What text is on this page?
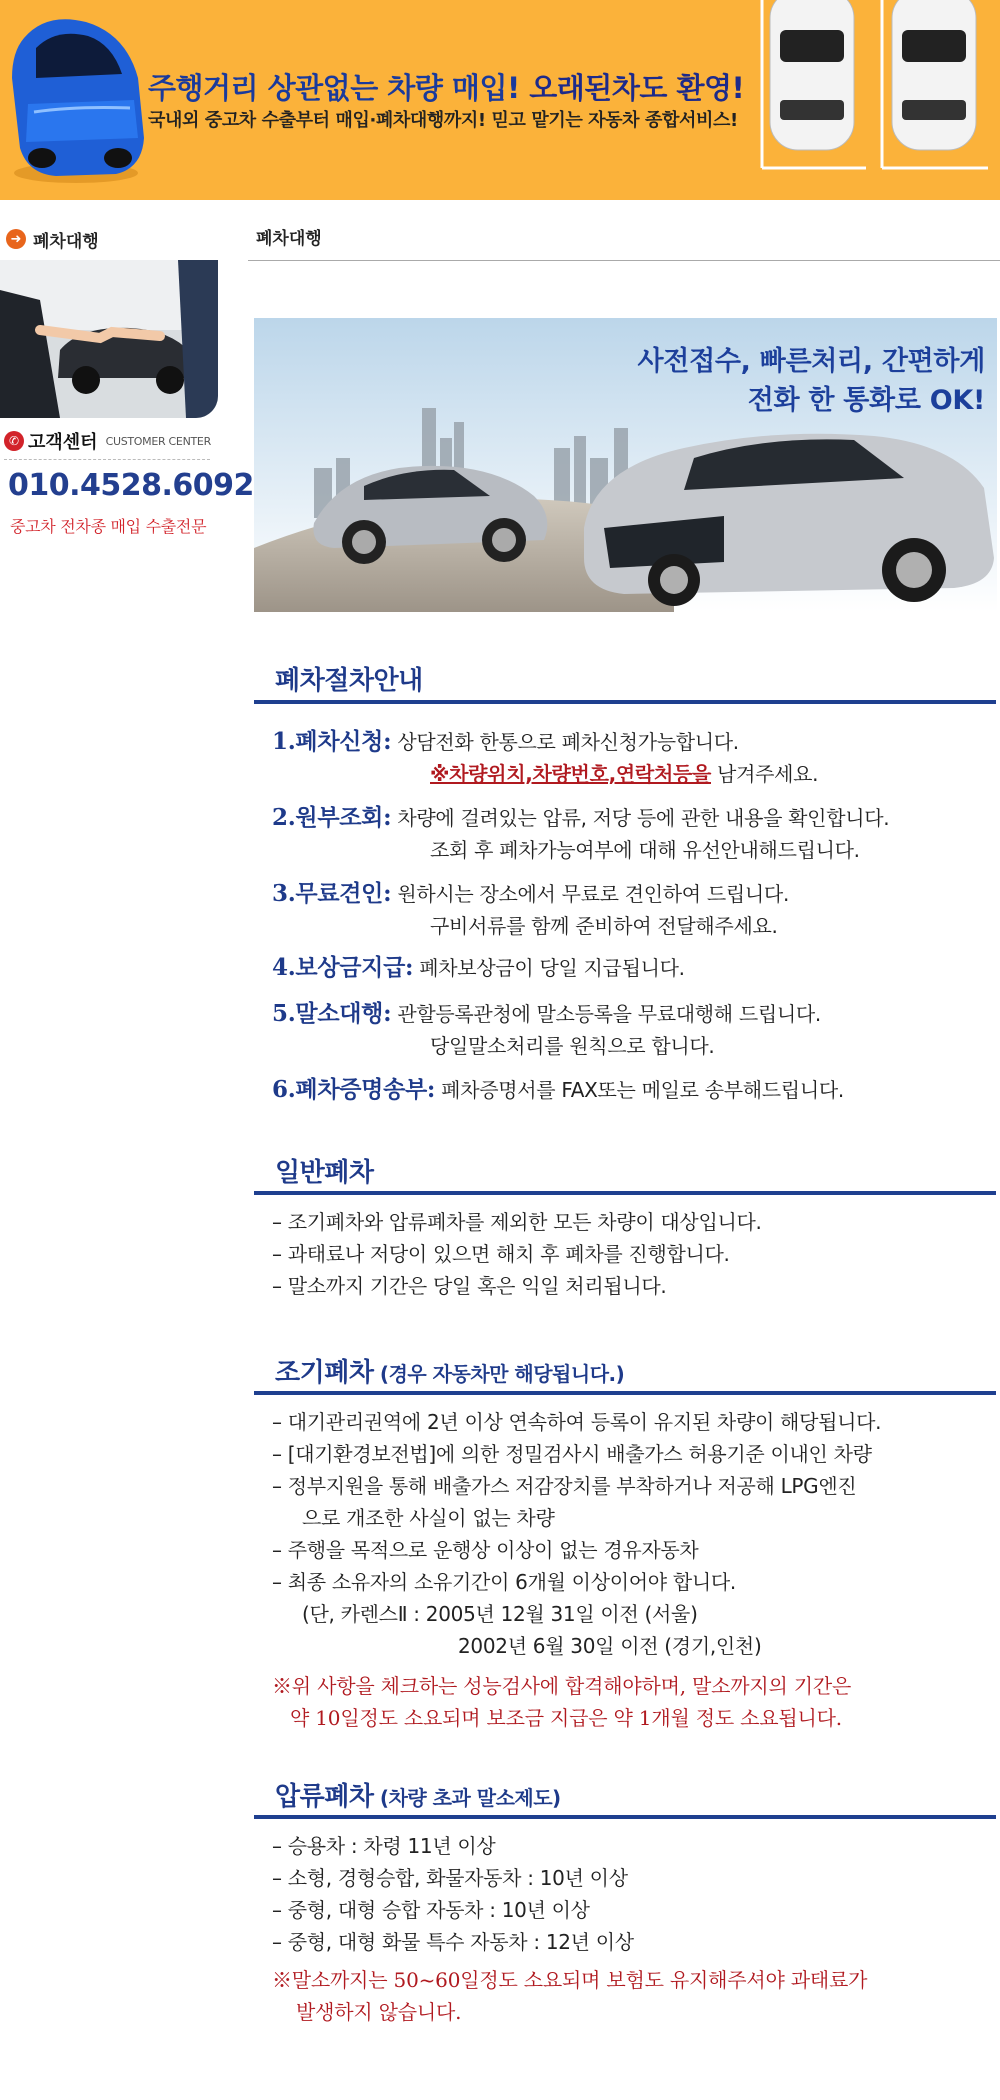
주행거리 상관없는 차량 매입! 오래된차도 환영!
국내외 중고차 수출부터 매입·폐차대행까지! 믿고 맡기는 자동차 종합서비스!
➜ 폐차대행
✆ 고객센터 CUSTOMER CENTER
010.4528.6092
중고차 전차종 매입 수출전문
폐차대행
사전접수, 빠른처리, 간편하게
전화 한 통화로 OK!
폐차절차안내
1.폐차신청: 상담전화 한통으로 폐차신청가능합니다.
※차량위치,차량번호,연락처등을 남겨주세요.
2.원부조회: 차량에 걸려있는 압류, 저당 등에 관한 내용을 확인합니다.
조회 후 폐차가능여부에 대해 유선안내해드립니다.
3.무료견인: 원하시는 장소에서 무료로 견인하여 드립니다.
구비서류를 함께 준비하여 전달해주세요.
4.보상금지급: 폐차보상금이 당일 지급됩니다.
5.말소대행: 관할등록관청에 말소등록을 무료대행해 드립니다.
당일말소처리를 원칙으로 합니다.
6.폐차증명송부: 폐차증명서를 FAX또는 메일로 송부해드립니다.
일반폐차
– 조기폐차와 압류폐차를 제외한 모든 차량이 대상입니다.
– 과태료나 저당이 있으면 해치 후 폐차를 진행합니다.
– 말소까지 기간은 당일 혹은 익일 처리됩니다.
조기폐차 (경우 자동차만 해당됩니다.)
– 대기관리권역에 2년 이상 연속하여 등록이 유지된 차량이 해당됩니다.
– [대기환경보전법]에 의한 정밀검사시 배출가스 허용기준 이내인 차량
– 정부지원을 통해 배출가스 저감장치를 부착하거나 저공해 LPG엔진
으로 개조한 사실이 없는 차량
– 주행을 목적으로 운행상 이상이 없는 경유자동차
– 최종 소유자의 소유기간이 6개월 이상이어야 합니다.
(단, 카렌스Ⅱ : 2005년 12월 31일 이전 (서울)
2002년 6월 30일 이전 (경기,인천)
※위 사항을 체크하는 성능검사에 합격해야하며, 말소까지의 기간은
약 10일정도 소요되며 보조금 지급은 약 1개월 정도 소요됩니다.
압류폐차 (차량 초과 말소제도)
– 승용차 : 차령 11년 이상
– 소형, 경형승합, 화물자동차 : 10년 이상
– 중형, 대형 승합 자동차 : 10년 이상
– 중형, 대형 화물 특수 자동차 : 12년 이상
※말소까지는 50~60일정도 소요되며 보험도 유지해주셔야 과태료가
발생하지 않습니다.
